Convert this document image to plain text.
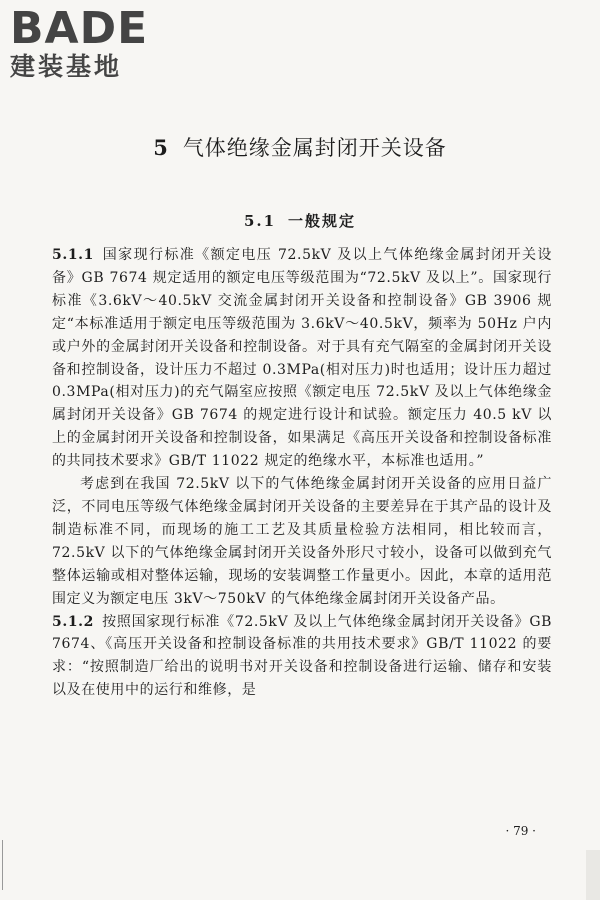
BADE
建装基地
5 气体绝缘金属封闭开关设备
5.1 一般规定

5.1.1 国家现行标准《额定电压 72.5kV 及以上气体绝缘金属封闭开关设备》GB 7674 规定适用的额定电压等级范围为“72.5kV 及以上”。国家现行标准《3.6kV～40.5kV 交流金属封闭开关设备和控制设备》GB 3906 规定“本标准适用于额定电压等级范围为 3.6kV～40.5kV，频率为 50Hz 户内或户外的金属封闭开关设备和控制设备。对于具有充气隔室的金属封闭开关设备和控制设备，设计压力不超过 0.3MPa(相对压力)时也适用；设计压力超过 0.3MPa(相对压力)的充气隔室应按照《额定电压 72.5kV 及以上气体绝缘金属封闭开关设备》GB 7674 的规定进行设计和试验。额定压力 40.5 kV 以上的金属封闭开关设备和控制设备，如果满足《高压开关设备和控制设备标准的共同技术要求》GB/T 11022 规定的绝缘水平，本标准也适用。”

考虑到在我国 72.5kV 以下的气体绝缘金属封闭开关设备的应用日益广泛，不同电压等级气体绝缘金属封闭开关设备的主要差异在于其产品的设计及制造标准不同，而现场的施工工艺及其质量检验方法相同，相比较而言，72.5kV 以下的气体绝缘金属封闭开关设备外形尺寸较小，设备可以做到充气整体运输或相对整体运输，现场的安装调整工作量更小。因此，本章的适用范围定义为额定电压 3kV～750kV 的气体绝缘金属封闭开关设备产品。

5.1.2 按照国家现行标准《72.5kV 及以上气体绝缘金属封闭开关设备》GB 7674、《高压开关设备和控制设备标准的共用技术要求》GB/T 11022 的要求：“按照制造厂给出的说明书对开关设备和控制设备进行运输、储存和安装以及在使用中的运行和维修，是

· 79 ·
